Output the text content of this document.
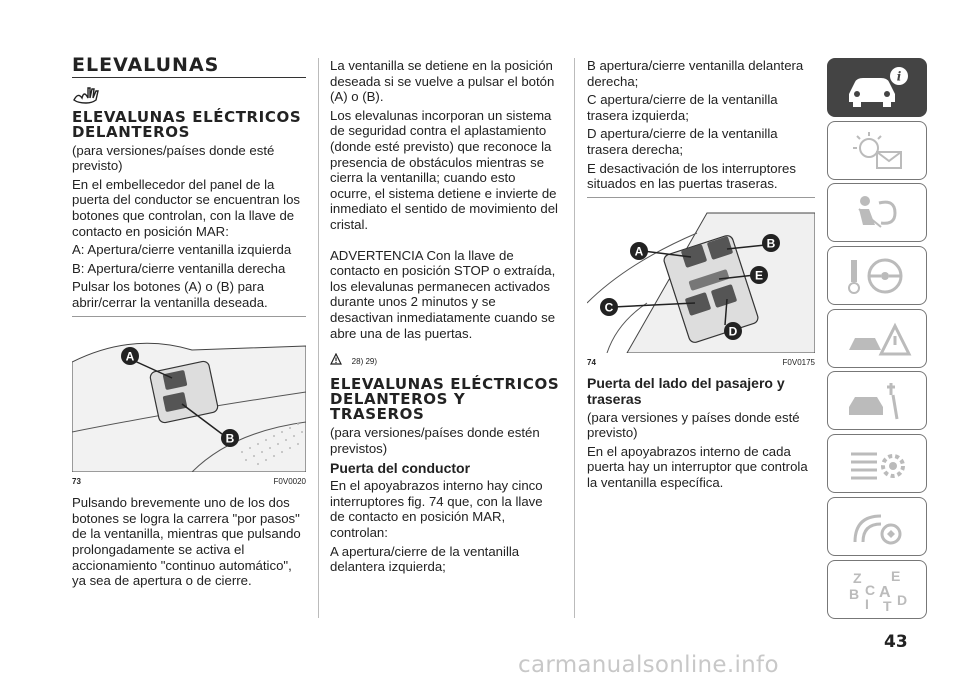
ELEVALUNAS
ELEVALUNAS ELÉCTRICOS DELANTEROS

(para versiones/países donde esté previsto)

En el embellecedor del panel de la puerta del conductor se encuentran los botones que controlan, con la llave de contacto en posición MAR:

A: Apertura/cierre ventanilla izquierda

B: Apertura/cierre ventanilla derecha

Pulsar los botones (A) o (B) para abrir/cerrar la ventanilla deseada.

A
B
73	F0V0020

Pulsando brevemente uno de los dos botones se logra la carrera "por pasos" de la ventanilla, mientras que pulsando prolongadamente se activa el accionamiento "continuo automático", ya sea de apertura o de cierre.

La ventanilla se detiene en la posición deseada si se vuelve a pulsar el botón (A) o (B).

Los elevalunas incorporan un sistema de seguridad contra el aplastamiento (donde esté previsto) que reconoce la presencia de obstáculos mientras se cierra la ventanilla; cuando esto ocurre, el sistema detiene e invierte de inmediato el sentido de movimiento del cristal.

ADVERTENCIA Con la llave de contacto en posición STOP o extraída, los elevalunas permanecen activados durante unos 2 minutos y se desactivan inmediatamente cuando se abre una de las puertas.

28) 29)
ELEVALUNAS ELÉCTRICOS DELANTEROS Y TRASEROS

(para versiones/países donde estén previstos)

Puerta del conductor

En el apoyabrazos interno hay cinco interruptores fig. 74 que, con la llave de contacto en posición MAR, controlan:

A apertura/cierre de la ventanilla delantera izquierda;

B apertura/cierre ventanilla delantera derecha;

C apertura/cierre de la ventanilla trasera izquierda;

D apertura/cierre de la ventanilla trasera derecha;

E desactivación de los interruptores situados en las puertas traseras.

A
B
C
D
E
74	F0V0175
Puerta del lado del pasajero y traseras

(para versiones y países donde esté previsto)

En el apoyabrazos interno de cada puerta hay un interruptor que controla la ventanilla específica.

i
Z E
B A
I
C
T D
43
carmanualsonline.info
